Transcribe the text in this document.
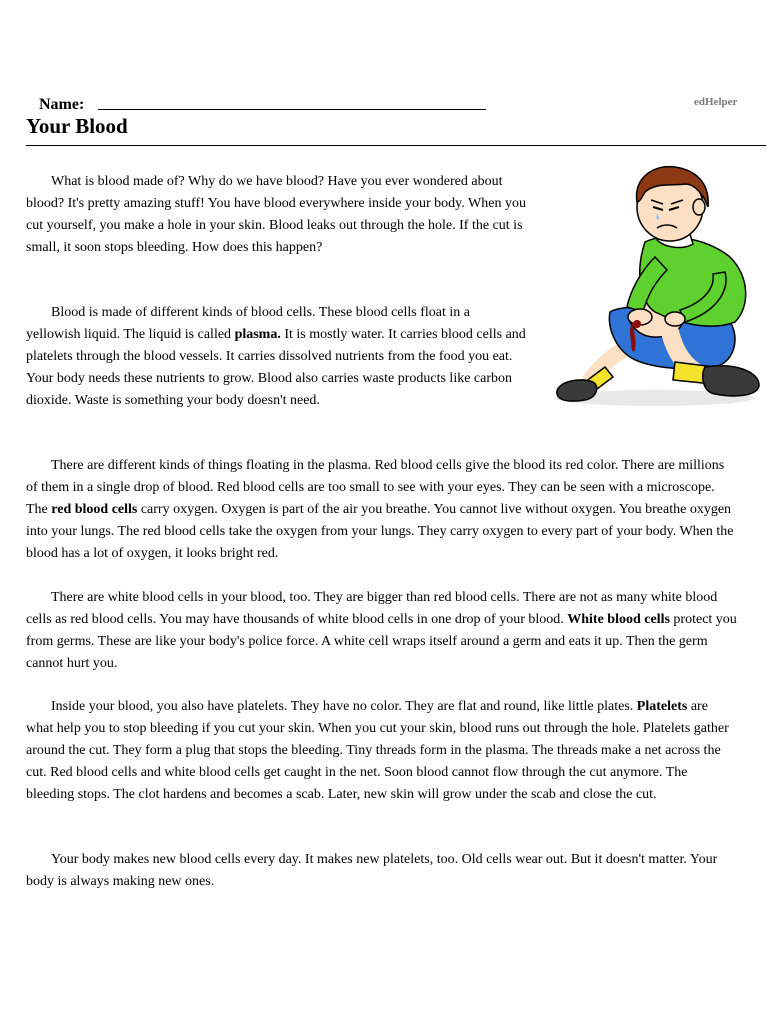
Name:	edHelper
Your Blood

What is blood made of? Why do we have blood? Have you ever wondered about blood? It's pretty amazing stuff! You have blood everywhere inside your body. When you cut yourself, you make a hole in your skin. Blood leaks out through the hole. If the cut is small, it soon stops bleeding. How does this happen?

Blood is made of different kinds of blood cells. These blood cells float in a yellowish liquid. The liquid is called plasma. It is mostly water. It carries blood cells and platelets through the blood vessels. It carries dissolved nutrients from the food you eat. Your body needs these nutrients to grow. Blood also carries waste products like carbon dioxide. Waste is something your body doesn't need.

There are different kinds of things floating in the plasma. Red blood cells give the blood its red color. There are millions of them in a single drop of blood. Red blood cells are too small to see with your eyes. They can be seen with a microscope. The red blood cells carry oxygen. Oxygen is part of the air you breathe. You cannot live without oxygen. You breathe oxygen into your lungs. The red blood cells take the oxygen from your lungs. They carry oxygen to every part of your body. When the blood has a lot of oxygen, it looks bright red.

There are white blood cells in your blood, too. They are bigger than red blood cells. There are not as many white blood cells as red blood cells. You may have thousands of white blood cells in one drop of your blood. White blood cells protect you from germs. These are like your body's police force. A white cell wraps itself around a germ and eats it up. Then the germ cannot hurt you.

Inside your blood, you also have platelets. They have no color. They are flat and round, like little plates. Platelets are what help you to stop bleeding if you cut your skin. When you cut your skin, blood runs out through the hole. Platelets gather around the cut. They form a plug that stops the bleeding. Tiny threads form in the plasma. The threads make a net across the cut. Red blood cells and white blood cells get caught in the net. Soon blood cannot flow through the cut anymore. The bleeding stops. The clot hardens and becomes a scab. Later, new skin will grow under the scab and close the cut.

Your body makes new blood cells every day. It makes new platelets, too. Old cells wear out. But it doesn't matter. Your body is always making new ones.
